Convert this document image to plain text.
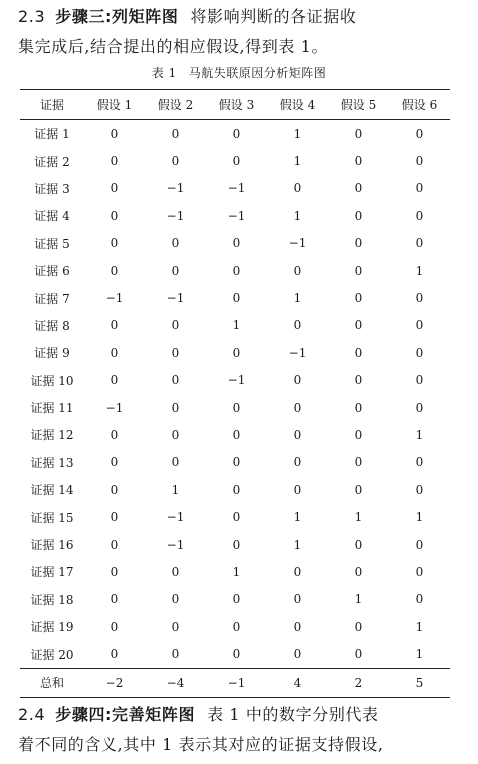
2.3 步骤三:列矩阵图 将影响判断的各证据收
集完成后,结合提出的相应假设,得到表 1。
表 1 马航失联原因分析矩阵图
证据	假设 1	假设 2	假设 3	假设 4	假设 5	假设 6
证据 1	0	0	0	1	0	0
证据 2	0	0	0	1	0	0
证据 3	0	−1	−1	0	0	0
证据 4	0	−1	−1	1	0	0
证据 5	0	0	0	−1	0	0
证据 6	0	0	0	0	0	1
证据 7	−1	−1	0	1	0	0
证据 8	0	0	1	0	0	0
证据 9	0	0	0	−1	0	0
证据 10	0	0	−1	0	0	0
证据 11	−1	0	0	0	0	0
证据 12	0	0	0	0	0	1
证据 13	0	0	0	0	0	0
证据 14	0	1	0	0	0	0
证据 15	0	−1	0	1	1	1
证据 16	0	−1	0	1	0	0
证据 17	0	0	1	0	0	0
证据 18	0	0	0	0	1	0
证据 19	0	0	0	0	0	1
证据 20	0	0	0	0	0	1
总和	−2	−4	−1	4	2	5
2.4 步骤四:完善矩阵图 表 1 中的数字分别代表
着不同的含义,其中 1 表示其对应的证据支持假设,
